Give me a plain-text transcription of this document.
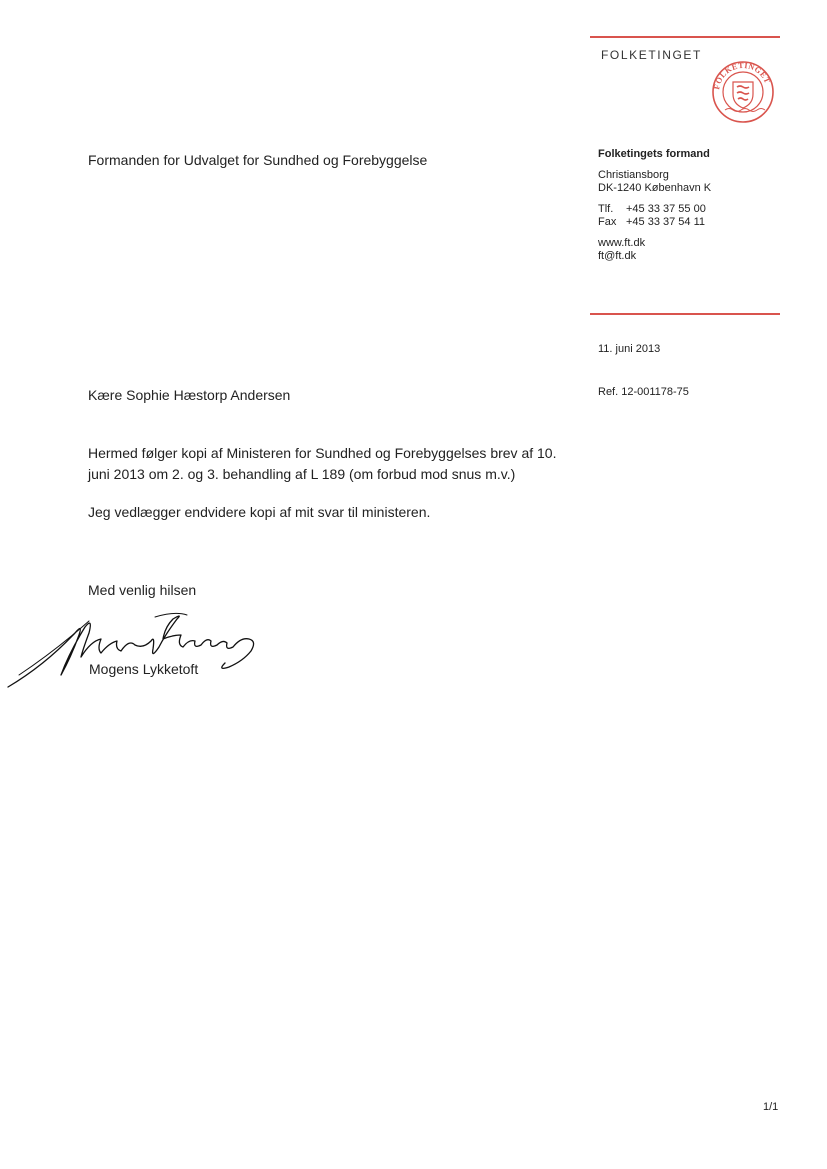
FOLKETINGET
FOLKETINGET
Formanden for Udvalget for Sundhed og Forebyggelse	Folketingets formand
Christiansborg
DK-1240 København K
Tlf. +45 33 37 55 00
Fax +45 33 37 54 11
www.ft.dk
ft@ft.dk
11. juni 2013
Ref. 12-001178-75
Kære Sophie Hæstorp Andersen
Hermed følger kopi af Ministeren for Sundhed og Forebyggelses brev af 10.
juni 2013 om 2. og 3. behandling af L 189 (om forbud mod snus m.v.)
Jeg vedlægger endvidere kopi af mit svar til ministeren.
Med venlig hilsen
Mogens Lykketoft
1/1
